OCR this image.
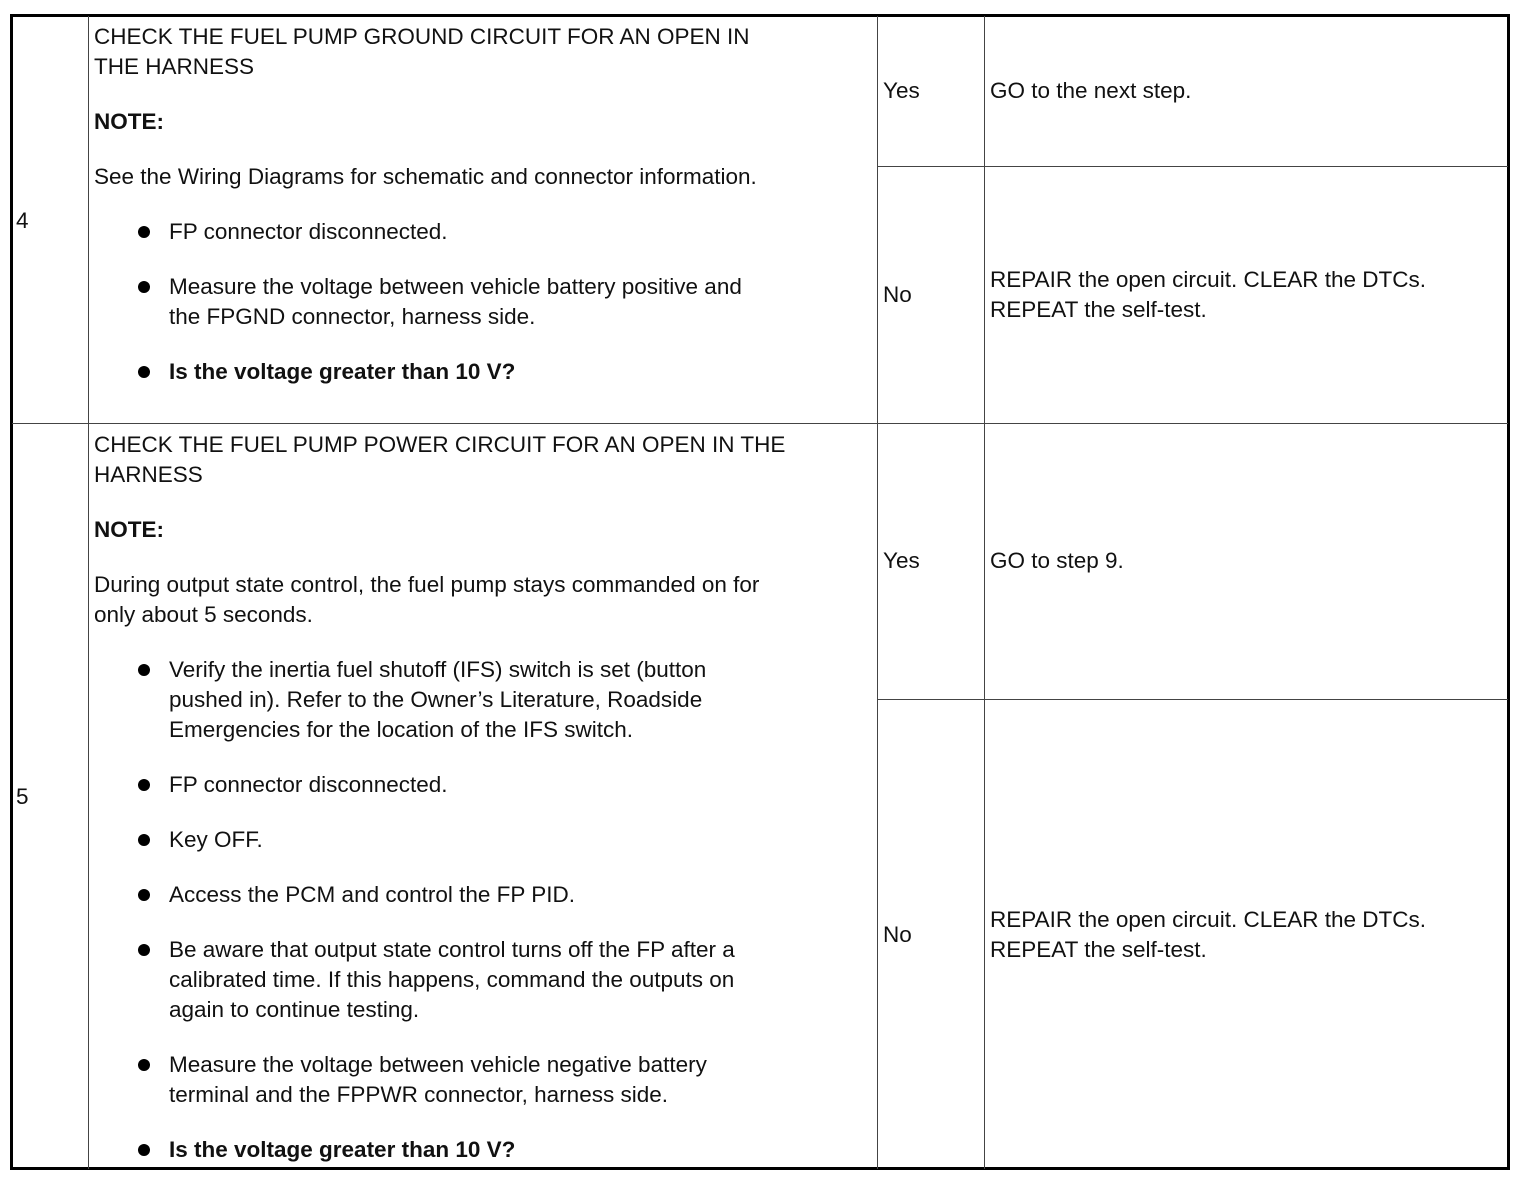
4
CHECK THE FUEL PUMP GROUND CIRCUIT FOR AN OPEN IN
THE HARNESS
NOTE:
See the Wiring Diagrams for schematic and connector information.
FP connector disconnected.
Measure the voltage between vehicle battery positive and
the FPGND connector, harness side.
Is the voltage greater than 10 V?
Yes	GO to the next step.
No
REPAIR the open circuit. CLEAR the DTCs.
REPEAT the self-test.
5
CHECK THE FUEL PUMP POWER CIRCUIT FOR AN OPEN IN THE
HARNESS
NOTE:
During output state control, the fuel pump stays commanded on for
only about 5 seconds.
Verify the inertia fuel shutoff (IFS) switch is set (button
pushed in). Refer to the Owner’s Literature, Roadside
Emergencies for the location of the IFS switch.
FP connector disconnected.
Key OFF.
Access the PCM and control the FP PID.
Be aware that output state control turns off the FP after a
calibrated time. If this happens, command the outputs on
again to continue testing.
Measure the voltage between vehicle negative battery
terminal and the FPPWR connector, harness side.
Is the voltage greater than 10 V?
Yes	GO to step 9.
No
REPAIR the open circuit. CLEAR the DTCs.
REPEAT the self-test.
